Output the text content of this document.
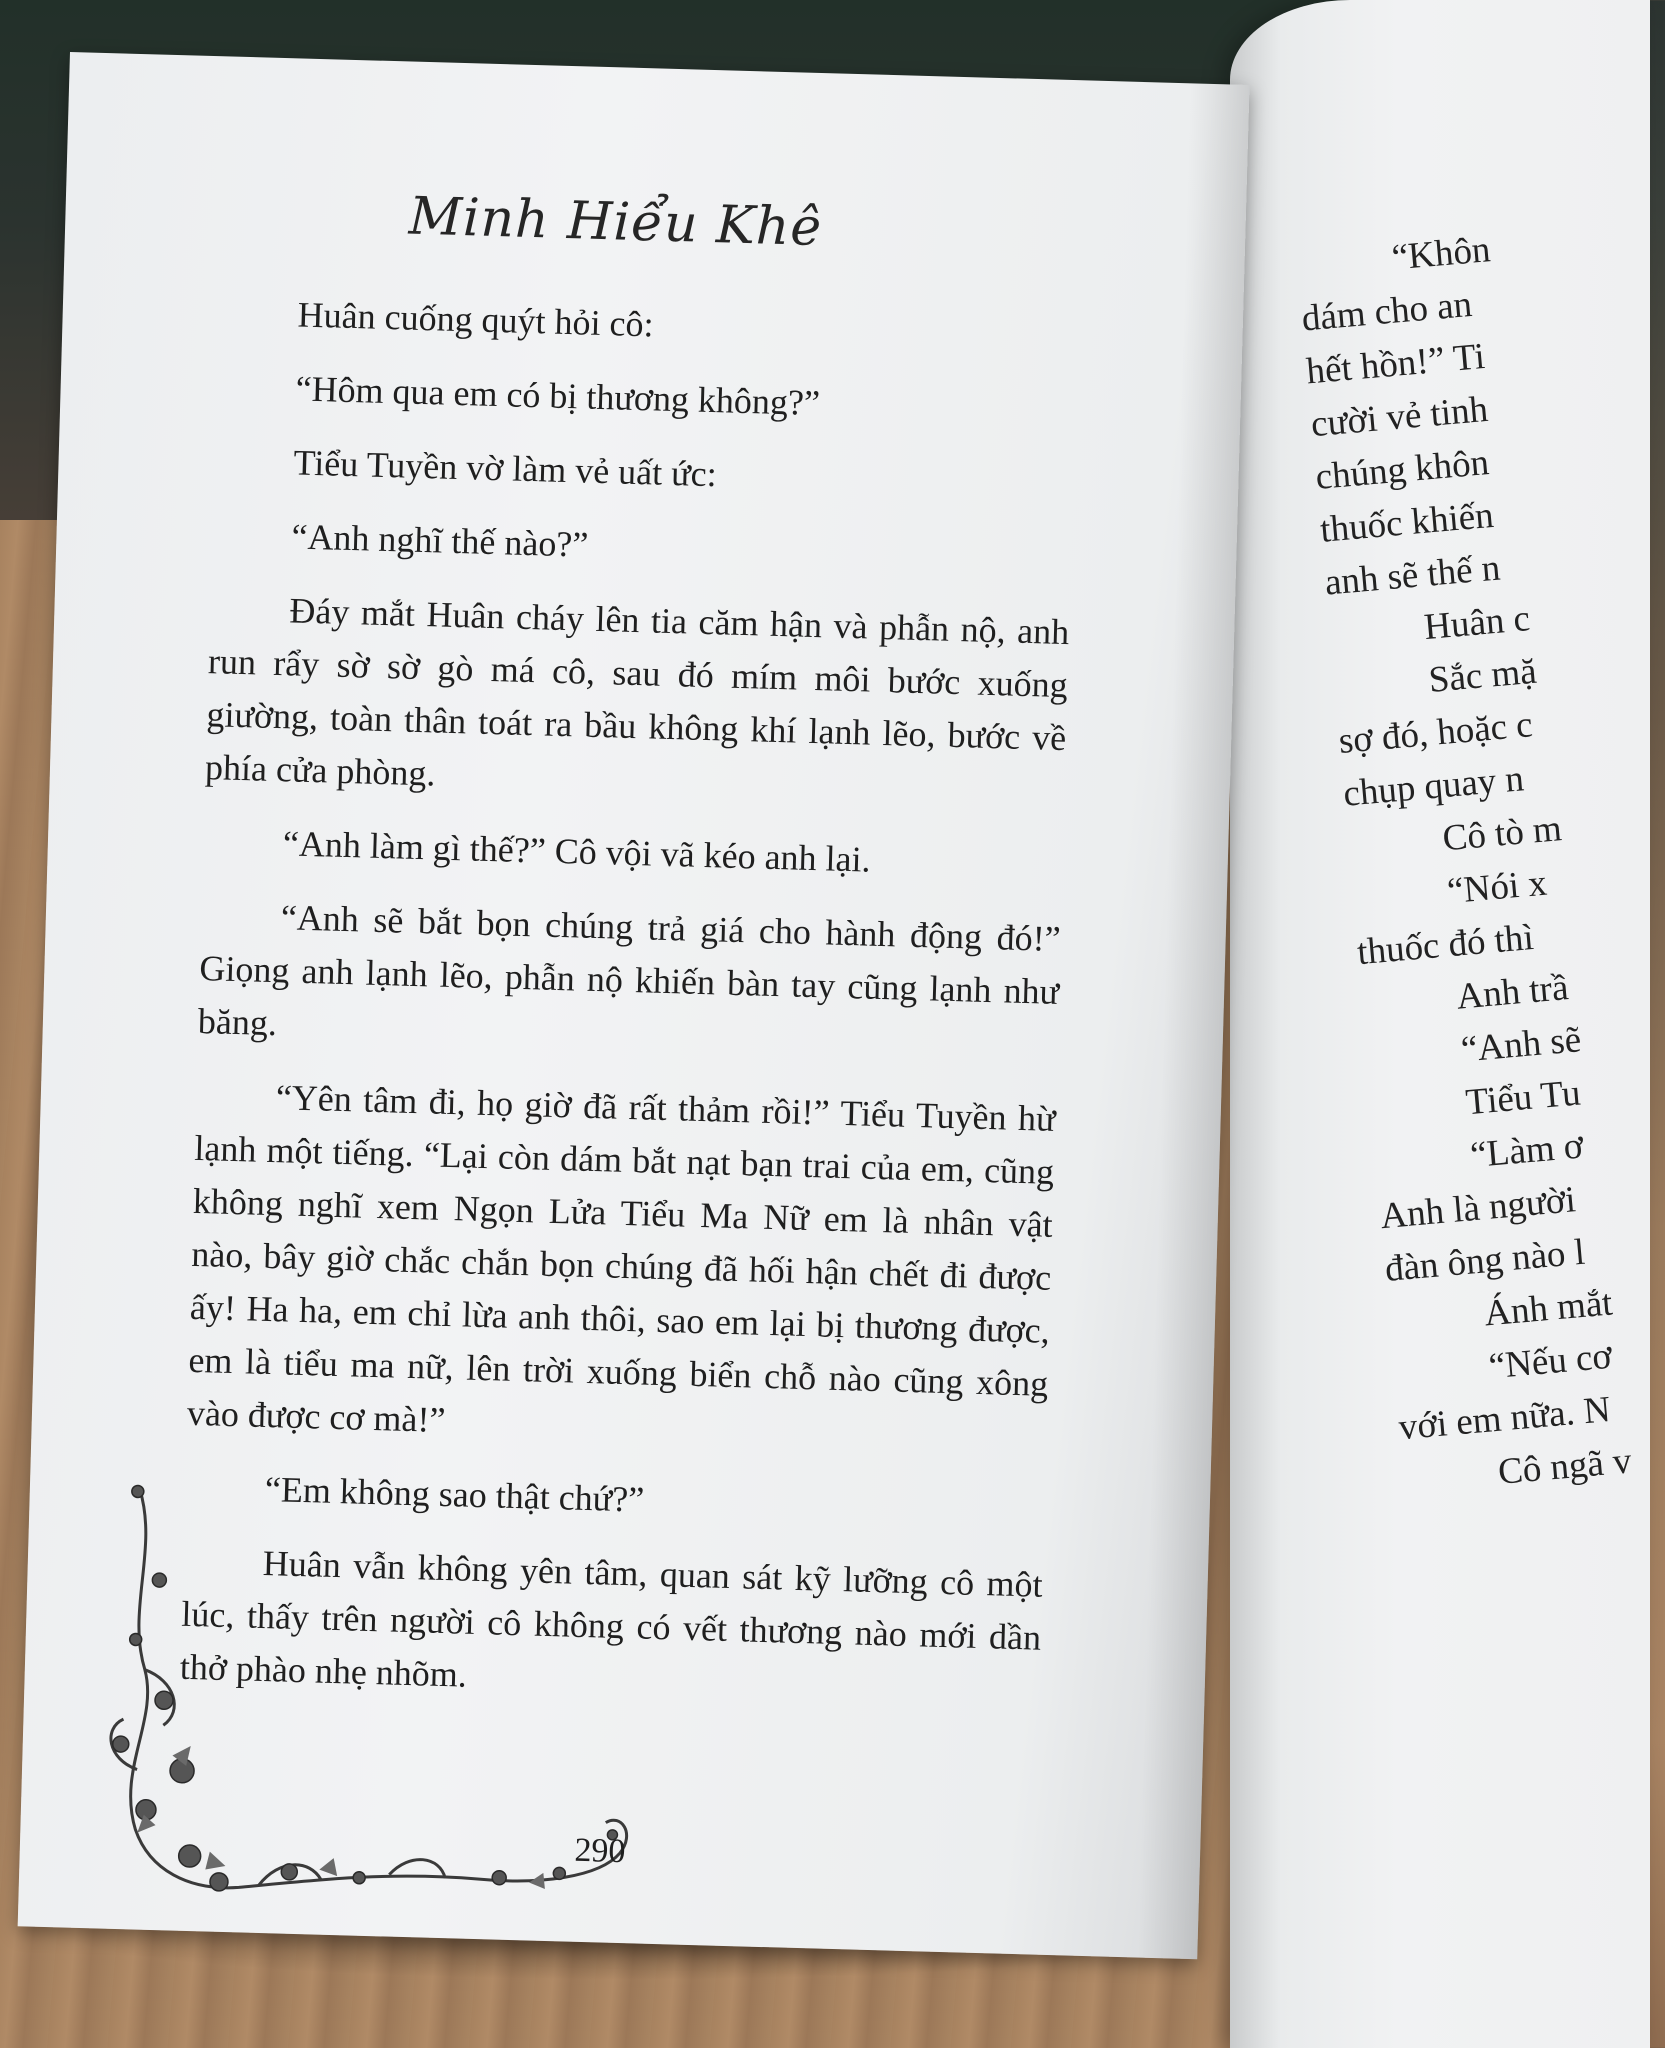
“Khôn
dám cho an
hết hồn!” Ti
cười vẻ tinh
chúng khôn
thuốc khiến
anh sẽ thế n
Huân c
Sắc mặ
sợ đó, hoặc c
chụp quay n
Cô tò m
“Nói x
thuốc đó thì
Anh trầ
“Anh sẽ
Tiểu Tu
“Làm ơ
Anh là người
đàn ông nào l
Ánh mắt
“Nếu cơ
với em nữa. N
Cô ngã v
Minh Hiểu Khê

Huân cuống quýt hỏi cô:

“Hôm qua em có bị thương không?”

Tiểu Tuyền vờ làm vẻ uất ức:

“Anh nghĩ thế nào?”

Đáy mắt Huân cháy lên tia căm hận và phẫn nộ, anh run rẩy sờ sờ gò má cô, sau đó mím môi bước xuống giường, toàn thân toát ra bầu không khí lạnh lẽo, bước về phía cửa phòng.

“Anh làm gì thế?” Cô vội vã kéo anh lại.

“Anh sẽ bắt bọn chúng trả giá cho hành động đó!” Giọng anh lạnh lẽo, phẫn nộ khiến bàn tay cũng lạnh như băng.

“Yên tâm đi, họ giờ đã rất thảm rồi!” Tiểu Tuyền hừ lạnh một tiếng. “Lại còn dám bắt nạt bạn trai của em, cũng không nghĩ xem Ngọn Lửa Tiểu Ma Nữ em là nhân vật nào, bây giờ chắc chắn bọn chúng đã hối hận chết đi được ấy! Ha ha, em chỉ lừa anh thôi, sao em lại bị thương được, em là tiểu ma nữ, lên trời xuống biển chỗ nào cũng xông vào được cơ mà!”

“Em không sao thật chứ?”

Huân vẫn không yên tâm, quan sát kỹ lưỡng cô một lúc, thấy trên người cô không có vết thương nào mới dần thở phào nhẹ nhõm.

290
